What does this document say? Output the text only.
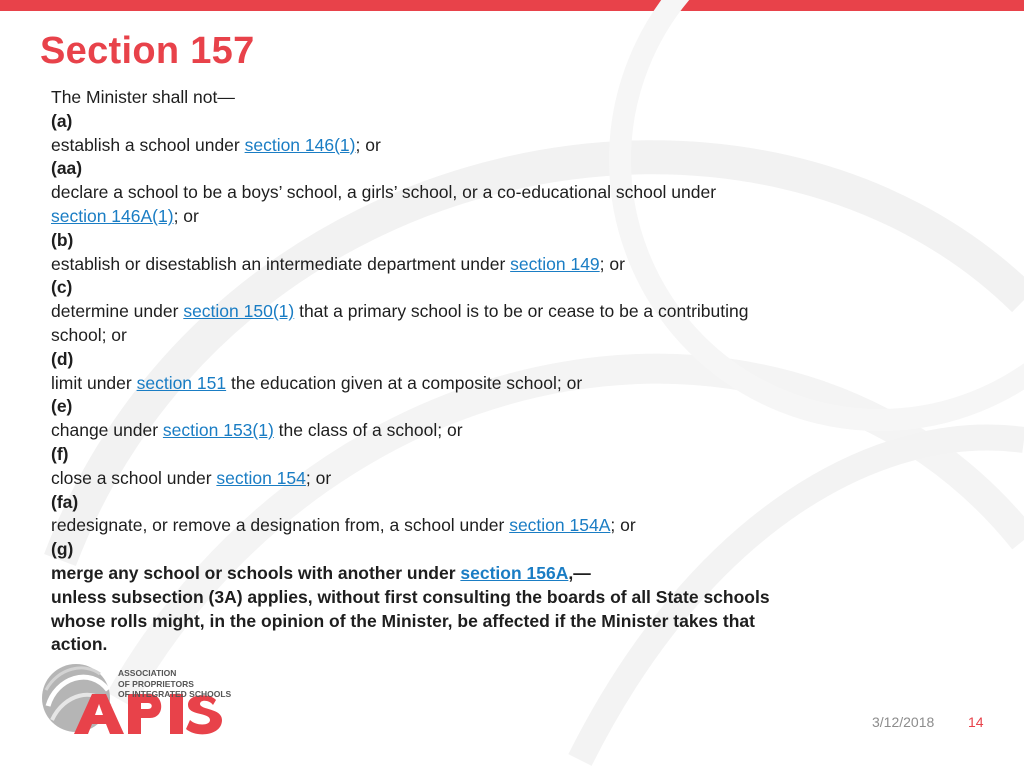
Section 157
The Minister shall not—
(a)
establish a school under section 146(1); or
(aa)
declare a school to be a boys’ school, a girls’ school, or a co-educational school under
section 146A(1); or
(b)
establish or disestablish an intermediate department under section 149; or
(c)
determine under section 150(1) that a primary school is to be or cease to be a contributing
school; or
(d)
limit under section 151 the education given at a composite school; or
(e)
change under section 153(1) the class of a school; or
(f)
close a school under section 154; or
(fa)
redesignate, or remove a designation from, a school under section 154A; or
(g)
merge any school or schools with another under section 156A,—
unless subsection (3A) applies, without first consulting the boards of all State schools
whose rolls might, in the opinion of the Minister, be affected if the Minister takes that
action.
ASSOCIATION
OF PROPRIETORS
OF INTEGRATED SCHOOLS
3/12/2018 14
